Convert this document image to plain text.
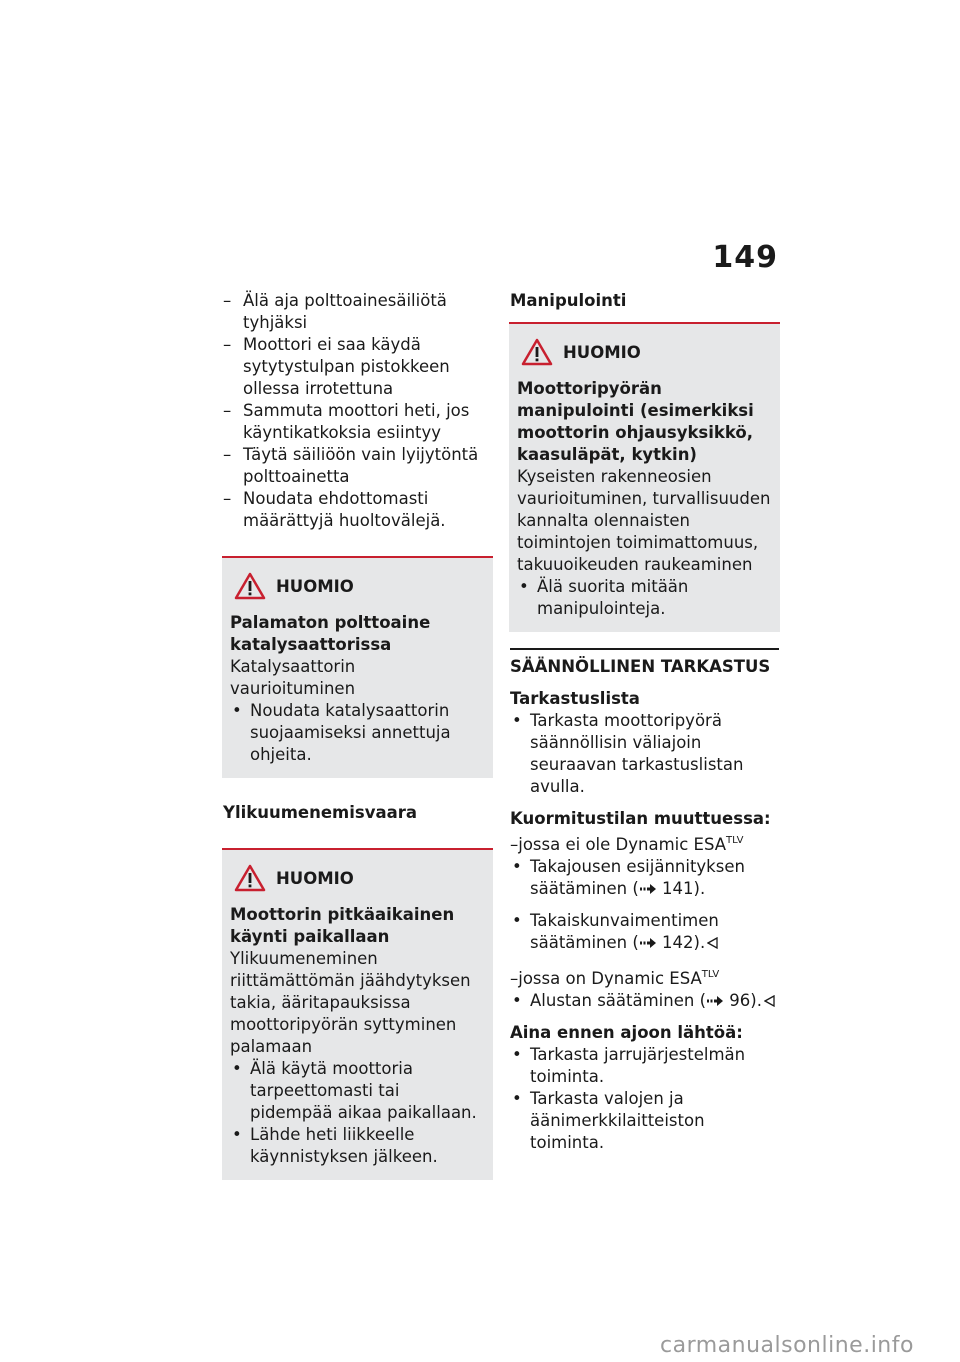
149
– Älä aja polttoainesäiliötä tyhjäksi
– Moottori ei saa käydä sytytystulpan pistokkeen ollessa irrotettuna
– Sammuta moottori heti, jos käyntikatkoksia esiintyy
– Täytä säiliöön vain lyijytöntä polttoainetta
– Noudata ehdottomasti määrättyjä huoltovälejä.
HUOMIO
Palamaton polttoaine katalysaattorissa
Katalysaattorin vaurioituminen
• Noudata katalysaattorin suojaamiseksi annettuja ohjeita.
Ylikuumenemisvaara
HUOMIO
Moottorin pitkäaikainen käynti paikallaan
Ylikuumeneminen riittämättömän jäähdytyksen takia, ääritapauksissa moottoripyörän syttyminen palamaan
• Älä käytä moottoria tarpeettomasti tai pidempää aikaa paikallaan.
• Lähde heti liikkeelle käynnistyksen jälkeen.
Manipulointi
HUOMIO
Moottoripyörän manipulointi (esimerkiksi moottorin ohjausyksikkö, kaasuläpät, kytkin)
Kyseisten rakenneosien vaurioituminen, turvallisuuden kannalta olennaisten toimintojen toimimattomuus, takuuoikeuden raukeaminen
• Älä suorita mitään manipulointeja.
SÄÄNNÖLLINEN TARKASTUS
Tarkastuslista
• Tarkasta moottoripyörä säännöllisin väliajoin seuraavan tarkastuslistan avulla.
Kuormitustilan muuttuessa:
–jossa ei ole Dynamic $ESA^{TLV}$
• Takajousen esijännityksen säätäminen ( 141).
• Takaiskunvaimentimen säätäminen ( 142).
–jossa on Dynamic $ESA^{TLV}$
• Alustan säätäminen ( 96).
Aina ennen ajoon lähtöä:
• Tarkasta jarrujärjestelmän toiminta.
• Tarkasta valojen ja äänimerkkilaitteiston toiminta.
carmanualsonline.info
